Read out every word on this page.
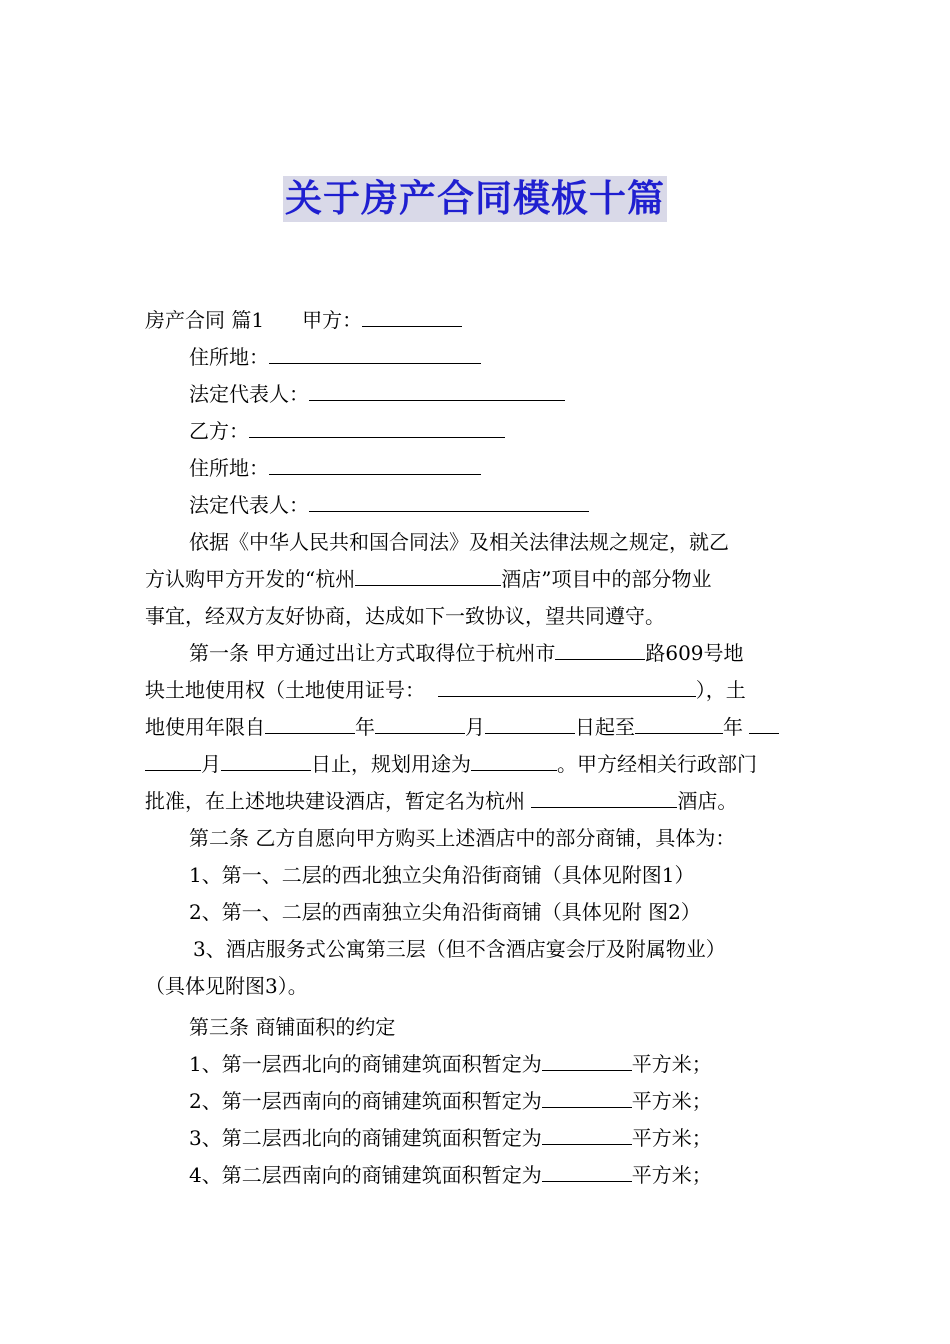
关于房产合同模板十篇
房产合同 篇1 甲方：
住所地：
法定代表人：
乙方：
住所地：
法定代表人：
依据《中华人民共和国合同法》及相关法律法规之规定，就乙
方认购甲方开发的“杭州	酒店”项目中的部分物业
事宜，经双方友好协商，达成如下一致协议，望共同遵守。
第一条 甲方通过出让方式取得位于杭州市	路609号地
块土地使用权（土地使用证号：	），土
地使用年限自	年	月	日起至	年
月	日止，规划用途为	。甲方经相关行政部门
批准，在上述地块建设酒店，暂定名为杭州	酒店。
第二条 乙方自愿向甲方购买上述酒店中的部分商铺，具体为：
1、第一、二层的西北独立尖角沿街商铺（具体见附图1）
2、第一、二层的西南独立尖角沿街商铺（具体见附 图2）
3、酒店服务式公寓第三层（但不含酒店宴会厅及附属物业）
（具体见附图3）。
第三条 商铺面积的约定
1、第一层西北向的商铺建筑面积暂定为	平方米；
2、第一层西南向的商铺建筑面积暂定为	平方米；
3、第二层西北向的商铺建筑面积暂定为	平方米；
4、第二层西南向的商铺建筑面积暂定为	平方米；
